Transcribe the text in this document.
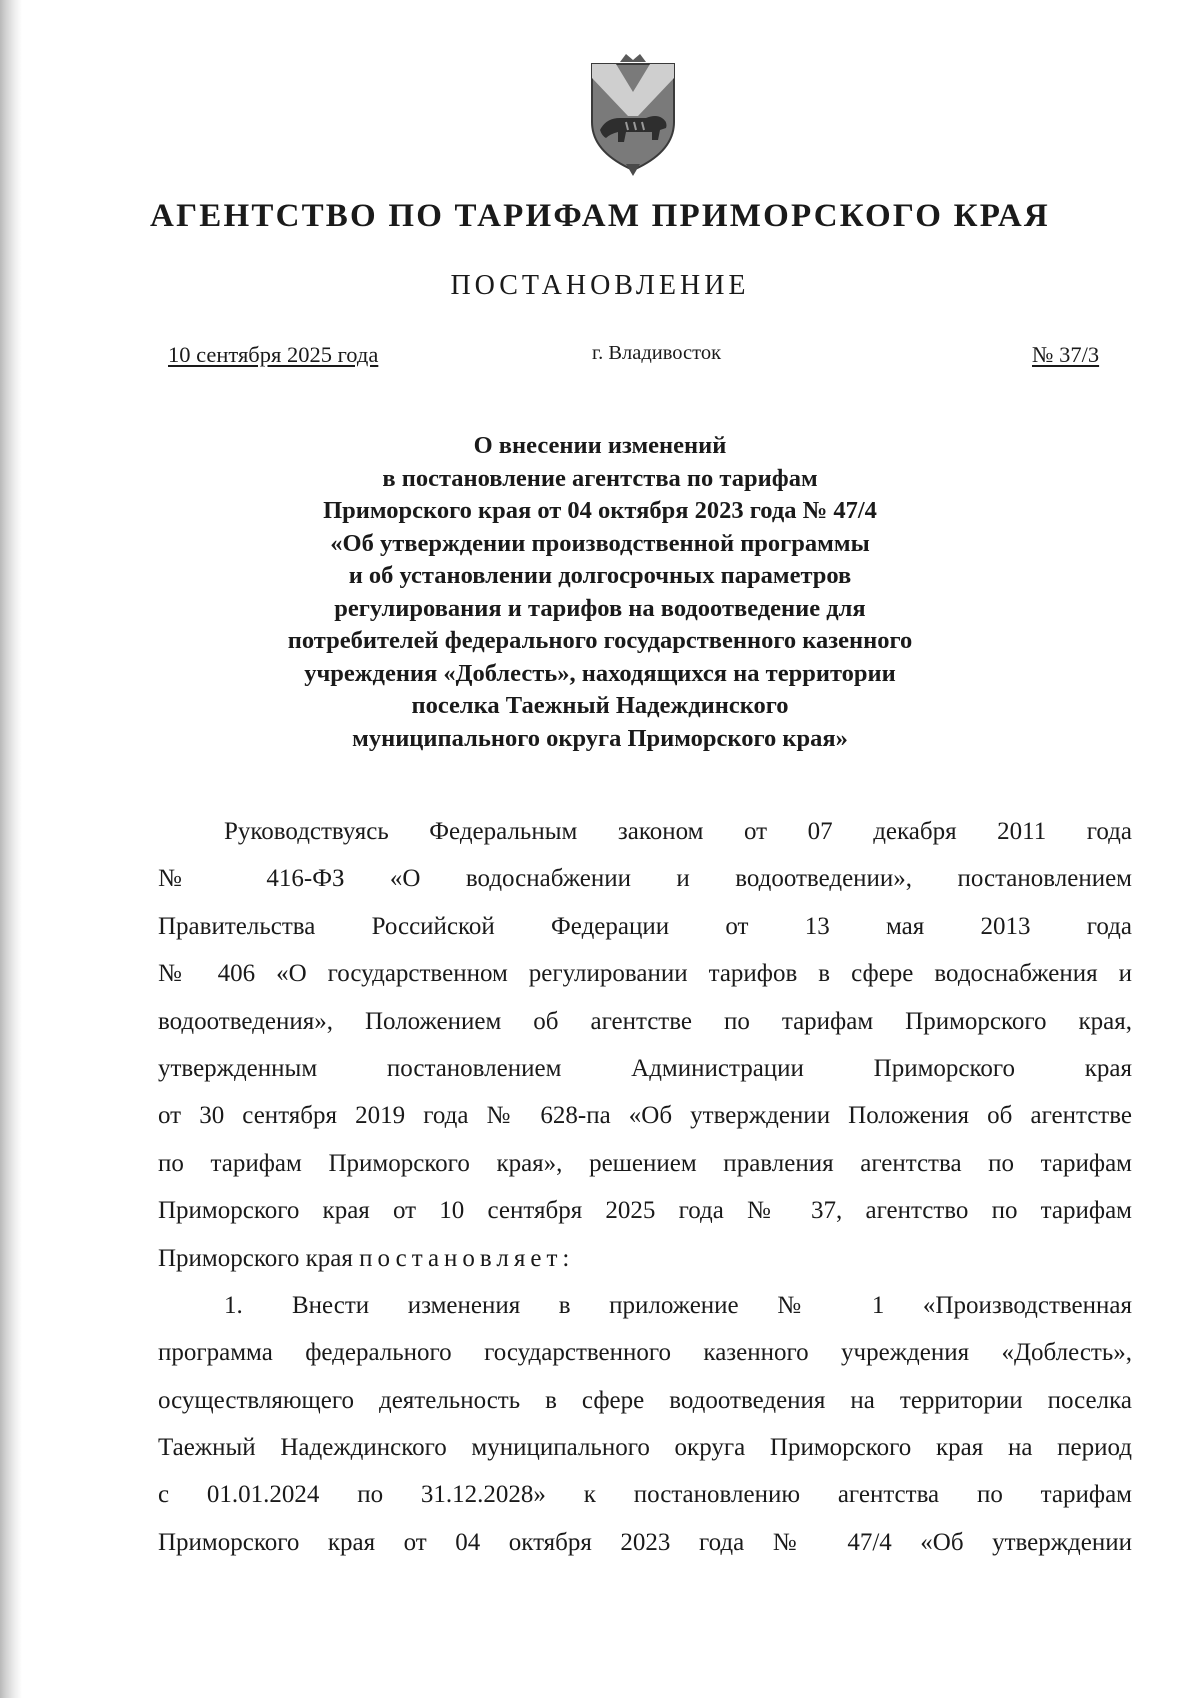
АГЕНТСТВО ПО ТАРИФАМ ПРИМОРСКОГО КРАЯ
ПОСТАНОВЛЕНИЕ
10 сентября 2025 года	г. Владивосток	№ 37/3
О внесении изменений
в постановление агентства по тарифам
Приморского края от 04 октября 2023 года № 47/4
«Об утверждении производственной программы
и об установлении долгосрочных параметров
регулирования и тарифов на водоотведение для
потребителей федерального государственного казенного
учреждения «Доблесть», находящихся на территории
поселка Таежный Надеждинского
муниципального округа Приморского края»
Руководствуясь Федеральным законом от 07 декабря 2011 года
№ 416-ФЗ «О водоснабжении и водоотведении», постановлением
Правительства Российской Федерации от 13 мая 2013 года
№ 406 «О государственном регулировании тарифов в сфере водоснабжения и
водоотведения», Положением об агентстве по тарифам Приморского края,
утвержденным постановлением Администрации Приморского края
от 30 сентября 2019 года № 628-па «Об утверждении Положения об агентстве
по тарифам Приморского края», решением правления агентства по тарифам
Приморского края от 10 сентября 2025 года № 37, агентство по тарифам
Приморского края постановляет:
1.	Внести изменения в приложение № 1 «Производственная
программа федерального государственного казенного учреждения «Доблесть»,
осуществляющего деятельность в сфере водоотведения на территории поселка
Таежный Надеждинского муниципального округа Приморского края на период
с 01.01.2024 по 31.12.2028» к постановлению агентства по тарифам
Приморского края от 04 октября 2023 года № 47/4 «Об утверждении
